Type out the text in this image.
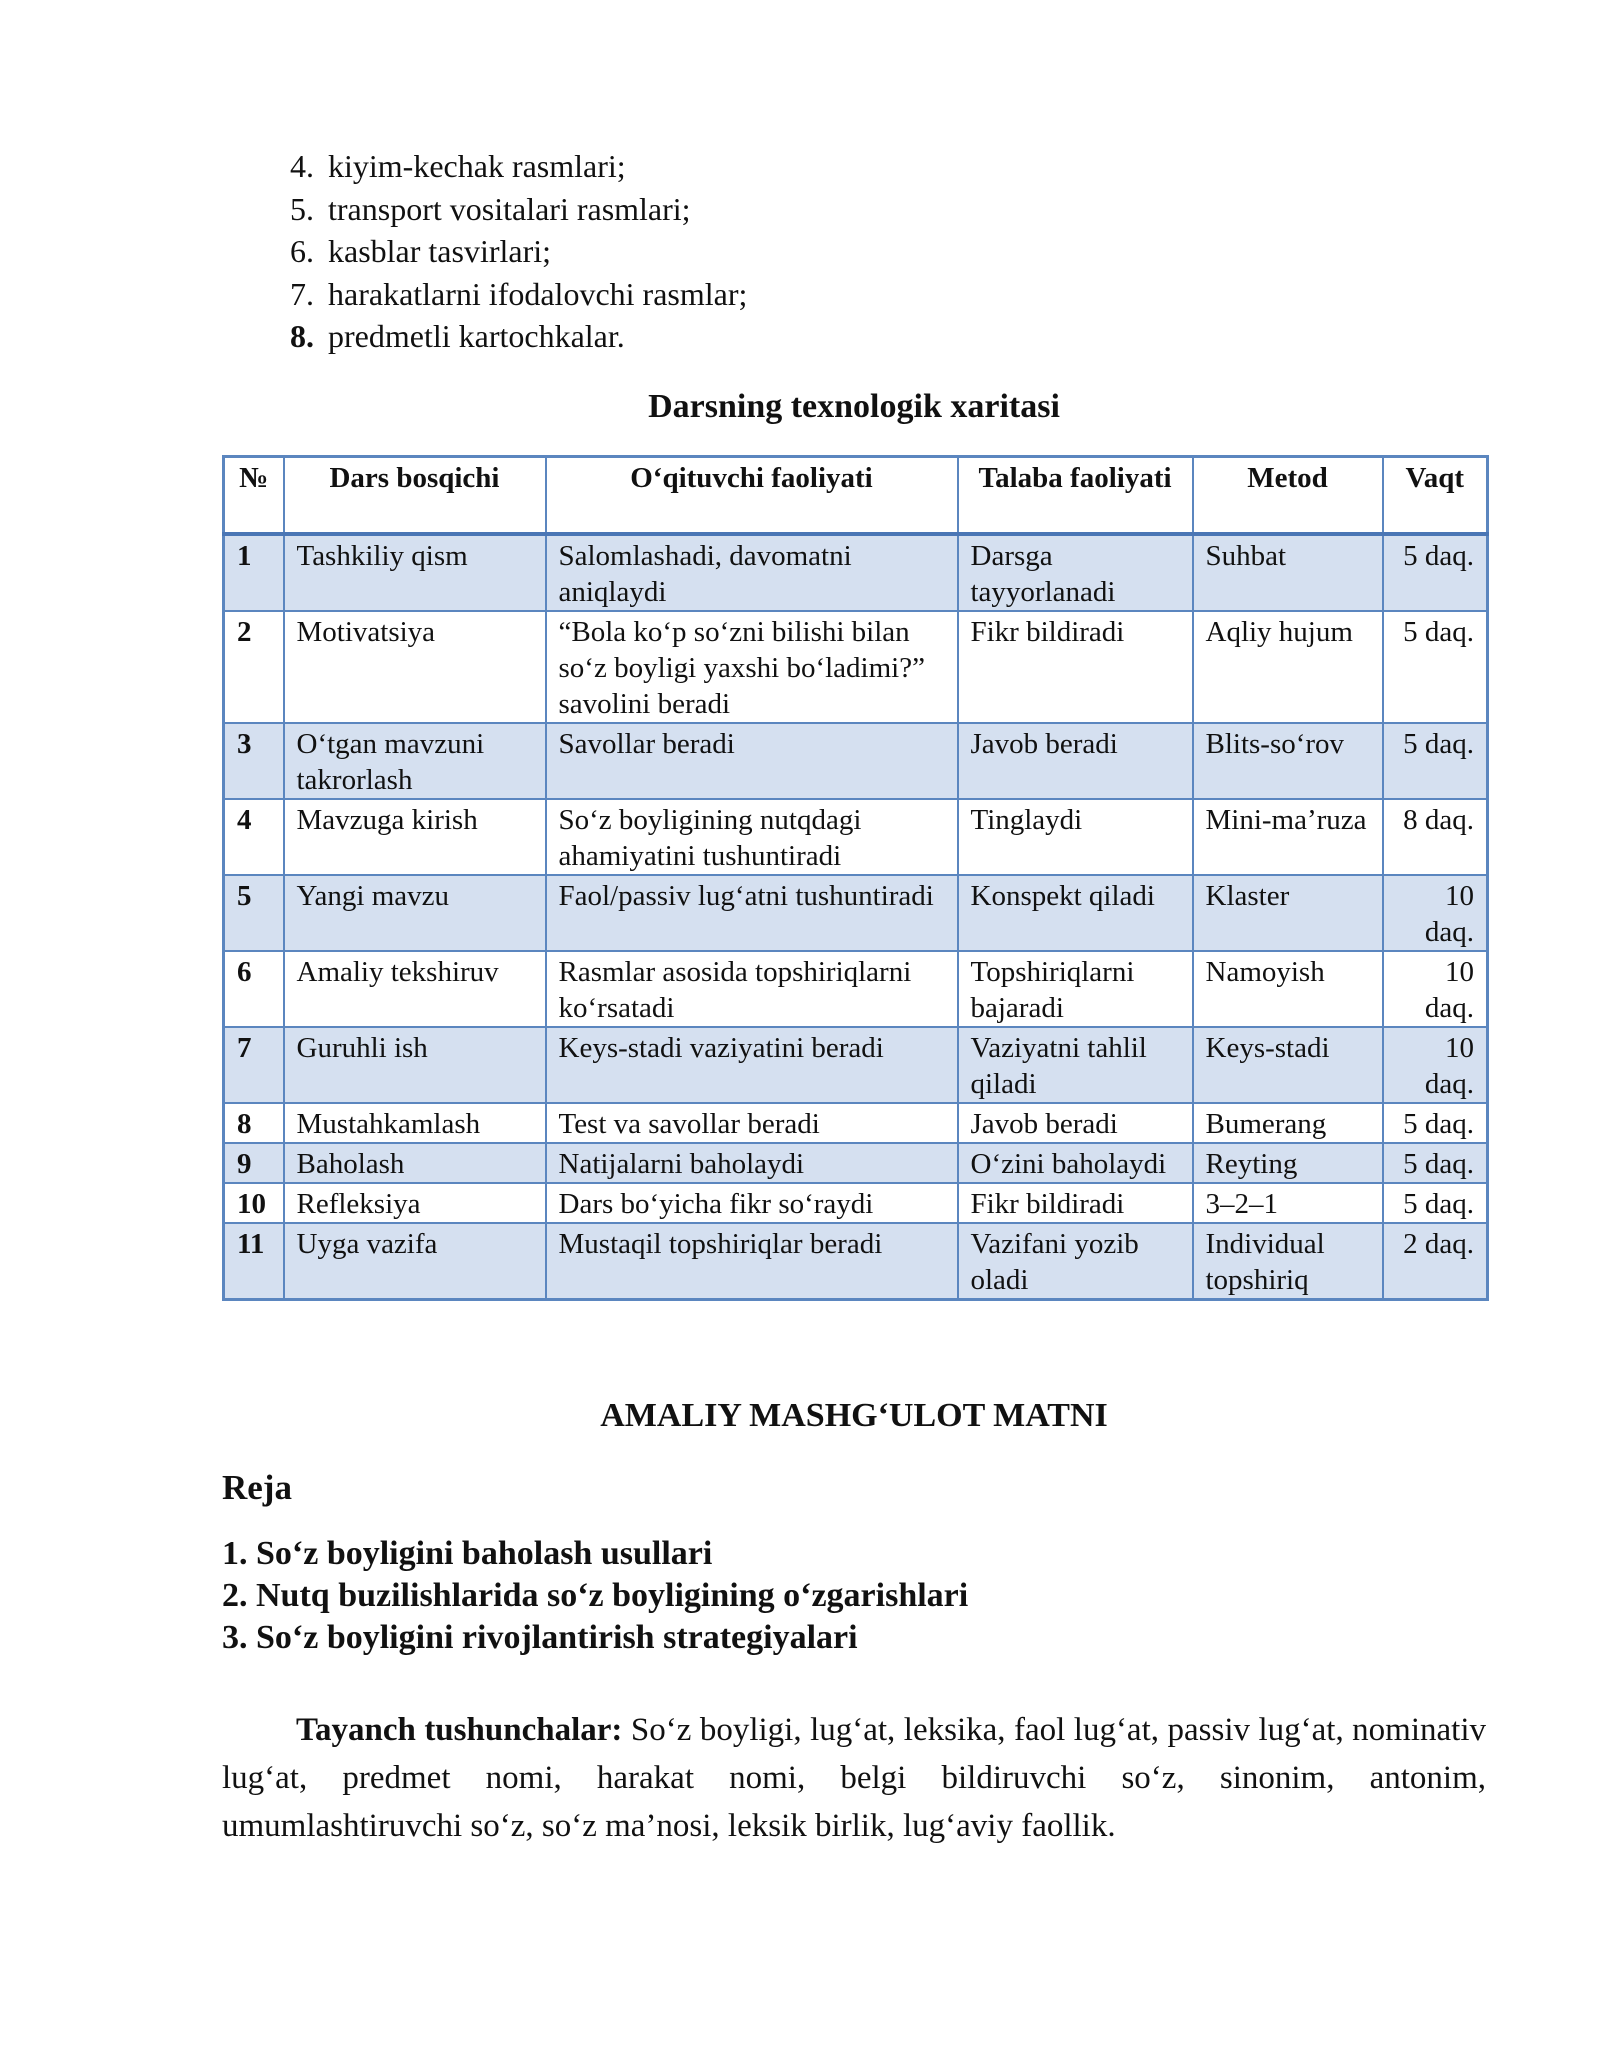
4. kiyim-kechak rasmlari;
5. transport vositalari rasmlari;
6. kasblar tasvirlari;
7. harakatlarni ifodalovchi rasmlar;
8. predmetli kartochkalar.
Darsning texnologik xaritasi
№	Dars bosqichi	O‘qituvchi faoliyati	Talaba faoliyati	Metod	Vaqt
1	Tashkiliy qism	Salomlashadi, davomatni aniqlaydi	Darsga tayyorlanadi	Suhbat	5 daq.
2	Motivatsiya	“Bola ko‘p so‘zni bilishi bilan so‘z boyligi yaxshi bo‘ladimi?” savolini beradi	Fikr bildiradi	Aqliy hujum	5 daq.
3	O‘tgan mavzuni takrorlash	Savollar beradi	Javob beradi	Blits-so‘rov	5 daq.
4	Mavzuga kirish	So‘z boyligining nutqdagi ahamiyatini tushuntiradi	Tinglaydi	Mini-ma’ruza	8 daq.
5	Yangi mavzu	Faol/passiv lug‘atni tushuntiradi	Konspekt qiladi	Klaster	10 daq.
6	Amaliy tekshiruv	Rasmlar asosida topshiriqlarni ko‘rsatadi	Topshiriqlarni bajaradi	Namoyish	10 daq.
7	Guruhli ish	Keys-stadi vaziyatini beradi	Vaziyatni tahlil qiladi	Keys-stadi	10 daq.
8	Mustahkamlash	Test va savollar beradi	Javob beradi	Bumerang	5 daq.
9	Baholash	Natijalarni baholaydi	O‘zini baholaydi	Reyting	5 daq.
10	Refleksiya	Dars bo‘yicha fikr so‘raydi	Fikr bildiradi	3–2–1	5 daq.
11	Uyga vazifa	Mustaqil topshiriqlar beradi	Vazifani yozib oladi	Individual topshiriq	2 daq.
AMALIY MASHG‘ULOT MATNI
Reja
1. So‘z boyligini baholash usullari
2. Nutq buzilishlarida so‘z boyligining o‘zgarishlari
3. So‘z boyligini rivojlantirish strategiyalari
Tayanch tushunchalar: So‘z boyligi, lug‘at, leksika, faol lug‘at, passiv lug‘at, nominativ lug‘at, predmet nomi, harakat nomi, belgi bildiruvchi so‘z, sinonim, antonim, umumlashtiruvchi so‘z, so‘z ma’nosi, leksik birlik, lug‘aviy faollik.
